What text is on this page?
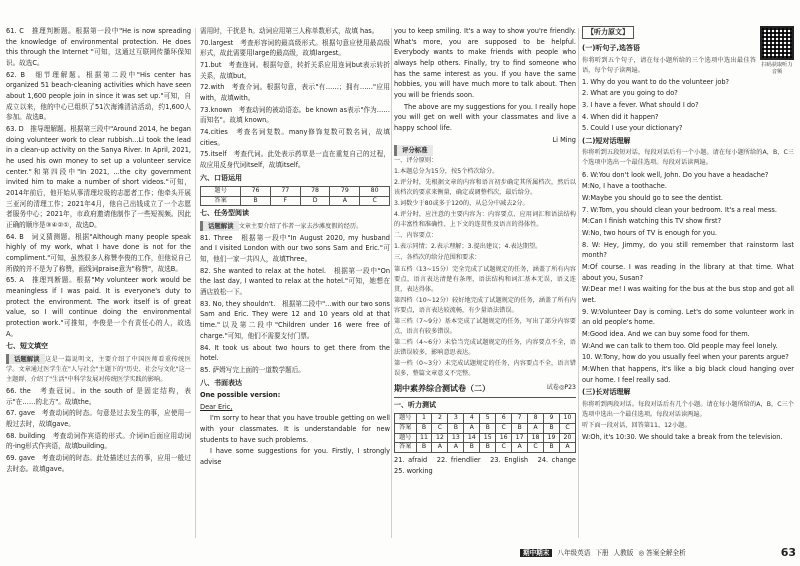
61. C　推理判断题。根据第一段中"He is now spreading the knowledge of environmental protection. He does this through the Internet "可知，这通过互联网传播环保知识。故选C。
62. B　细节理解题。根据第二段中"His center has organized 51 beach-cleaning activities which have seen about 1,600 people join in since it was set up."可知，自成立以来，他的中心已组织了51次海滩清洁活动，约1,600人参加。故选B。
63. D　推导理解题。根据第三段中"Around 2014, he began doing volunteer work to clear rubbish...Li took the lead in a clean-up activity on the Sanya River. In April, 2021, he used his own money to set up a volunteer service center."和第四段中"In 2021, ...the city government invited him to make a number of short videos."可知，2014年前后，他开始从事清理垃圾的志愿者工作；他牵头开展三亚河的清理工作；2021年4月，他自己出钱成立了一个志愿者服务中心；2021年，市政府邀请他制作了一些短视频。因此正确的顺序是③④②①，故选D。
64. B　词义猜测题。根据"Although many people speak highly of my work, what I have done is not for the compliment."可知，虽然很多人称赞李俊的工作，但他说自己所做的并不是为了称赞，画线词praise意为"称赞"，故选B。
65. A　推理判断题。根据"My volunteer work would be meaningless if I was paid. It is everyone's duty to protect the environment. The work itself is of great value, so I will continue doing the environmental protection work."可推知，李俊是一个有责任心的人，故选A。
七、短文填空
话题解读 这是一篇说明文，主要介绍了中国医师看重传统医学。文章通过医学生在"人与社会"主题下的"历史、社会与文化"这一主题群，介绍了"生活"中科学发展对传统医学实践的影响。
66. the　考查冠词。in the south of 是固定结构，表示"在……的北方"。故填the。
67. gave　考查动词的时态。句意是过去发生的事，应使用一般过去时，故填gave。
68. building　考查动词作宾语的形式。介词in后面应用动词的-ing形式作宾语，故填building。
69. gave　考查动词的时态。此处描述过去的事，应用一般过去时态。故填gave。
需用时，干扰是 h。动词应用第三人称单数形式，故填 has。
70.largest　考查形容词的最高级形式。根据句意应使用最高级形式，故此需要用large的最高级，故填largest。
71.but　考查连词。根据句意，转折关系应用连词but表示转折关系，故填but。
72.with　考查介词。根据句意，表示"有……；拥有……"应用with，故填with。
73.known　考查动词的被动语态。be known as表示"作为……而知名"。故填 known。
74.cities　考查名词复数。many修饰复数可数名词，故填cities。
75.itself　考查代词。此处表示药草是一直在重复自己的过程，故应用反身代词itself，故填itself。
六、口语运用
题号	76	77	78	79	80
答案	B	F	D	A	C
七、任务型阅读
话题解读 文章主要介绍了作者一家去沙滩度假的经历。
81. Three　根据第一段中"In August 2020, my husband and I visited London with our two sons Sam and Eric."可知，他们一家一共四人，故填Three。
82. She wanted to relax at the hotel.　根据第一段中"On the last day, I wanted to relax at the hotel."可知，她想在酒店放松一下。
83. No, they shouldn't.　根据第二段中"...with our two sons Sam and Eric. They were 12 and 10 years old at that time."以及第二段中"Children under 16 were free of charge."可知，他们不需要支付门票。
84. It took us about two hours to get there from the hotel.
85. 萨姆写完上面的一道数学题后。
八、书面表达
One possible version:
Dear Eric,
I'm sorry to hear that you have trouble getting on well with your classmates. It is understandable for new students to have such problems.
I have some suggestions for you. Firstly, I strongly advise
you to keep smiling. It's a way to show you're friendly. What's more, you are supposed to be helpful. Everybody wants to make friends with people who always help others. Finally, try to find someone who has the same interest as you. If you have the same hobbies, you will have much more to talk about. Then you will be friends soon.
The above are my suggestions for you. I really hope you will get on well with your classmates and live a happy school life.
Li Ming
评分标准
一、评分原则：
1.本题总分为15分，按5个档次给分。
2.评分时，先根据文章的内容和语言初步确定其所属档次，然后以该档次的要求来衡量，确定或调整档次，最后给分。
3.词数少于80或多于120的，从总分中减去2分。
4.评分时，应注意的主要内容为：内容要点、应用词汇和语法结构的丰富性和准确性、上下文的连贯性及语言的得体性。
二、内容要点：
1.表示同情；2.表示理解；3.提出建议；4.表达期望。
三、各档次的给分范围和要求：
第五档（13~15分）完全完成了试题规定的任务，涵盖了所有内容要点，语言表达清楚有条理，语法结构和词汇基本无误，语义连贯，表达得体。
第四档（10~12分）较好地完成了试题规定的任务，涵盖了所有内容要点，语言表达较流畅，有少量语法错误。
第三档（7~9分）基本完成了试题规定的任务，写出了部分内容要点，语言有较多错误。
第二档（4~6分）未恰当完成试题规定的任务，内容要点不全，语法错误较多，影响意思表达。
第一档（0~3分）未完成试题规定的任务，内容要点不全，语言错误多，整篇文章意义不完整。
期中素养综合测试卷（二）	试卷◎P23
一、听力测试
题号	1	2	3	4	5	6	7	8	9	10
答案	B	C	B	A	B	C	B	A	B	C
题号	11	12	13	14	15	16	17	18	19	20
答案	B	A	A	B	B	C	A	C	B	A
21. afraid　22. friendlier　23. English　24. change　25. working
扫码获取听力音频
【听力原文】
(一)听句子,选答语
你将听到五个句子，请在每小题所给的三个选项中选出最佳答语，每个句子读两遍。
1. Why do you want to do the volunteer job?
2. What are you going to do?
3. I have a fever. What should I do?
4. When did it happen?
5. Could I use your dictionary?
(二)短对话理解
你将听到五段短对话，每段对话后有一个小题。请在每小题所给的A，B，C三个选项中选出一个最佳选项。每段对话读两遍。
6. W:You don't look well, John. Do you have a headache?
M:No, I have a toothache.
W:Maybe you should go to see the dentist.
7. W:Tom, you should clean your bedroom. It's a real mess.
M:Can I finish watching this TV show first?
W:No, two hours of TV is enough for you.
8. W: Hey, Jimmy, do you still remember that rainstorm last month?
M:Of course. I was reading in the library at that time. What about you, Susan?
W:Dear me! I was waiting for the bus at the bus stop and got all wet.
9. W:Volunteer Day is coming. Let's do some volunteer work in an old people's home.
M:Good idea. And we can buy some food for them.
W:And we can talk to them too. Old people may feel lonely.
10. W:Tony, how do you usually feel when your parents argue?
M:When that happens, it's like a big black cloud hanging over our home. I feel really sad.
(三)长对话理解
你将听到两段对话。每段对话后有几个小题。请在每小题所给的A，B，C三个选项中选出一个最佳选项。每段对话读两遍。
听下面一段对话，回答第11、12小题。
W:Oh, it's 10:30. We should take a break from the television.
期中期末	八年级英语 下册 人教版 ◎ 答案全解全析	63
